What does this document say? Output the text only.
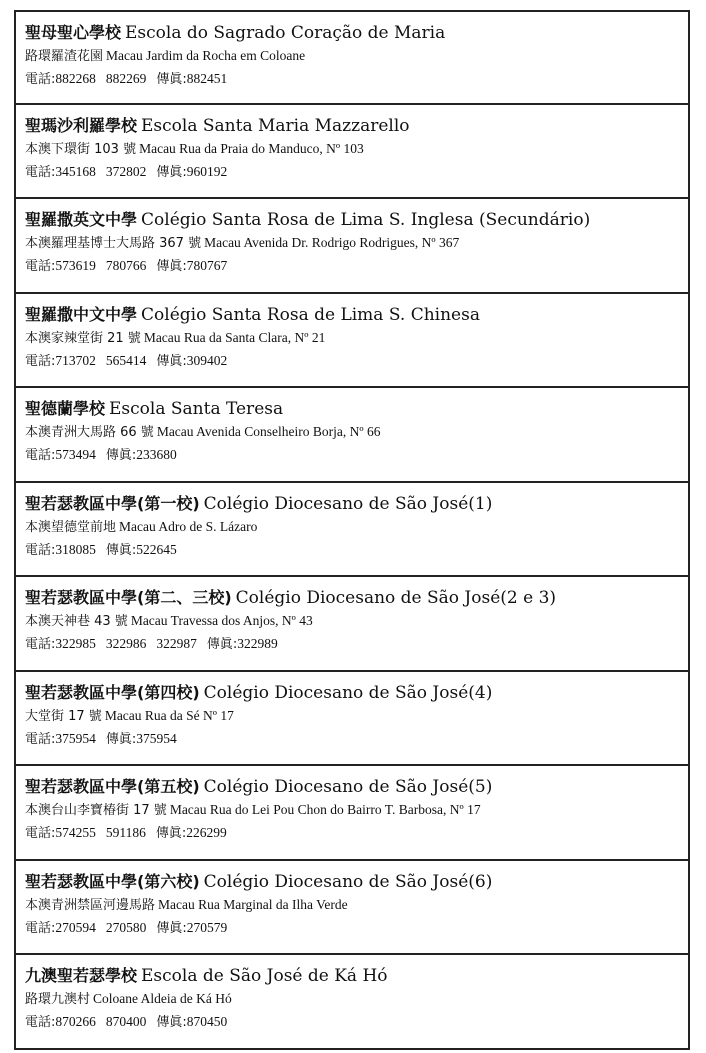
聖母聖心學校 Escola do Sagrado Coração de Maria
路環羅渣花園 Macau Jardim da Rocha em Coloane
電話:882268 882269 傳眞:882451
聖瑪沙利羅學校 Escola Santa Maria Mazzarello
本澳下環街 103 號 Macau Rua da Praia do Manduco, Nº 103
電話:345168 372802 傳眞:960192
聖羅撒英文中學 Colégio Santa Rosa de Lima S. Inglesa (Secundário)
本澳羅理基博士大馬路 367 號 Macau Avenida Dr. Rodrigo Rodrigues, Nº 367
電話:573619 780766 傳眞:780767
聖羅撒中文中學 Colégio Santa Rosa de Lima S. Chinesa
本澳家辣堂街 21 號 Macau Rua da Santa Clara, Nº 21
電話:713702 565414 傳眞:309402
聖德蘭學校 Escola Santa Teresa
本澳青洲大馬路 66 號 Macau Avenida Conselheiro Borja, Nº 66
電話:573494 傳眞:233680
聖若瑟教區中學(第一校) Colégio Diocesano de São José(1)
本澳望德堂前地 Macau Adro de S. Lázaro
電話:318085 傳眞:522645
聖若瑟教區中學(第二、三校) Colégio Diocesano de São José(2 e 3)
本澳天神巷 43 號 Macau Travessa dos Anjos, Nº 43
電話:322985 322986 322987 傳眞:322989
聖若瑟教區中學(第四校) Colégio Diocesano de São José(4)
大堂街 17 號 Macau Rua da Sé Nº 17
電話:375954 傳眞:375954
聖若瑟教區中學(第五校) Colégio Diocesano de São José(5)
本澳台山李寶椿街 17 號 Macau Rua do Lei Pou Chon do Bairro T. Barbosa, Nº 17
電話:574255 591186 傳眞:226299
聖若瑟教區中學(第六校) Colégio Diocesano de São José(6)
本澳青洲禁區河邊馬路 Macau Rua Marginal da Ilha Verde
電話:270594 270580 傳眞:270579
九澳聖若瑟學校 Escola de São José de Ká Hó
路環九澳村 Coloane Aldeia de Ká Hó
電話:870266 870400 傳眞:870450
